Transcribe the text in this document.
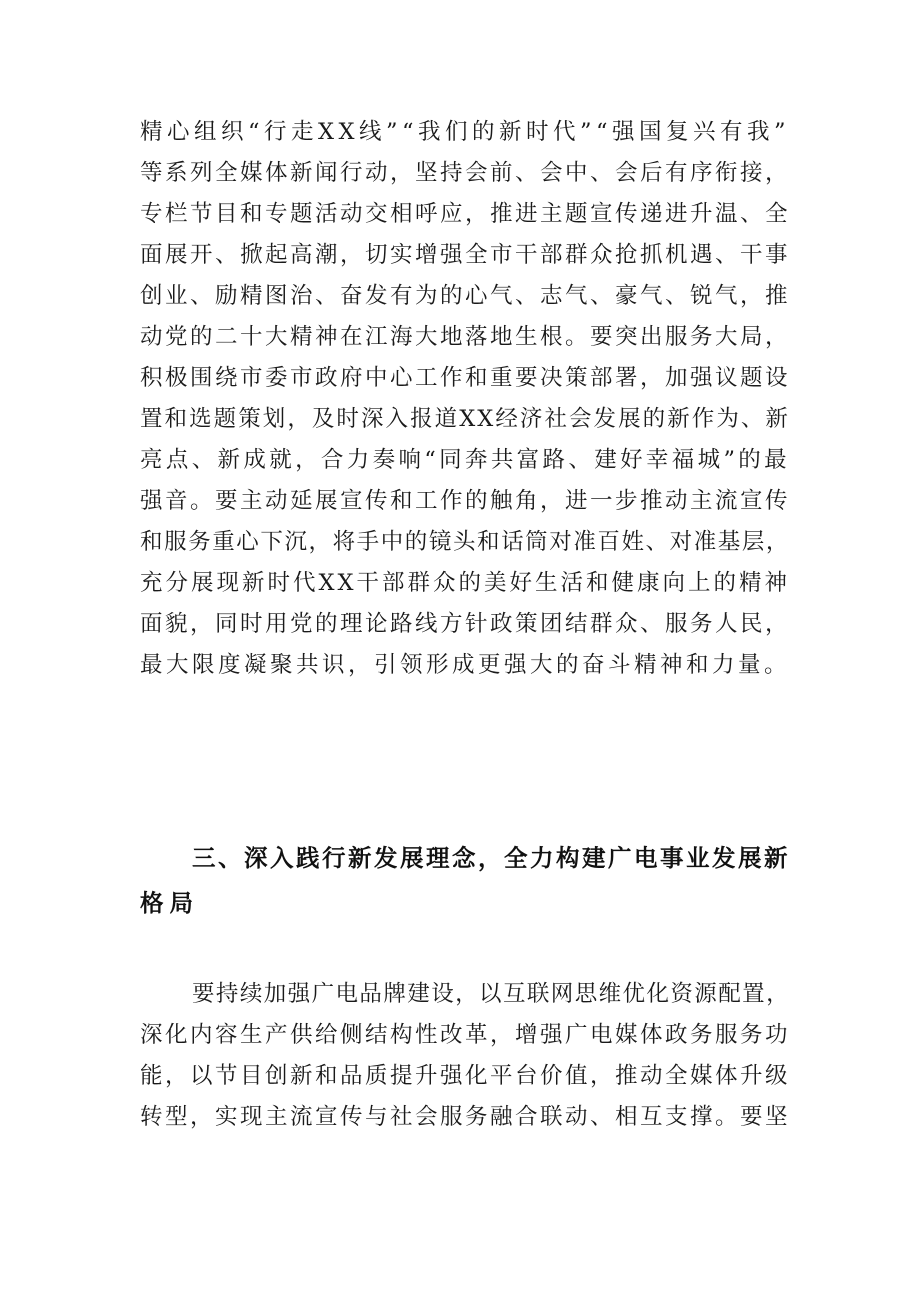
精心组织“行走XX线”“我们的新时代”“强国复兴有我”
等系列全媒体新闻行动，坚持会前、会中、会后有序衔接，
专栏节目和专题活动交相呼应，推进主题宣传递进升温、全
面展开、掀起高潮，切实增强全市干部群众抢抓机遇、干事
创业、励精图治、奋发有为的心气、志气、豪气、锐气，推
动党的二十大精神在江海大地落地生根。要突出服务大局，
积极围绕市委市政府中心工作和重要决策部署，加强议题设
置和选题策划，及时深入报道XX经济社会发展的新作为、新
亮点、新成就，合力奏响“同奔共富路、建好幸福城”的最
强音。要主动延展宣传和工作的触角，进一步推动主流宣传
和服务重心下沉，将手中的镜头和话筒对准百姓、对准基层，
充分展现新时代XX干部群众的美好生活和健康向上的精神
面貌，同时用党的理论路线方针政策团结群众、服务人民，
最大限度凝聚共识，引领形成更强大的奋斗精神和力量。
三、深入践行新发展理念，全力构建广电事业发展新
格局
要持续加强广电品牌建设，以互联网思维优化资源配置，
深化内容生产供给侧结构性改革，增强广电媒体政务服务功
能，以节目创新和品质提升强化平台价值，推动全媒体升级
转型，实现主流宣传与社会服务融合联动、相互支撑。要坚
